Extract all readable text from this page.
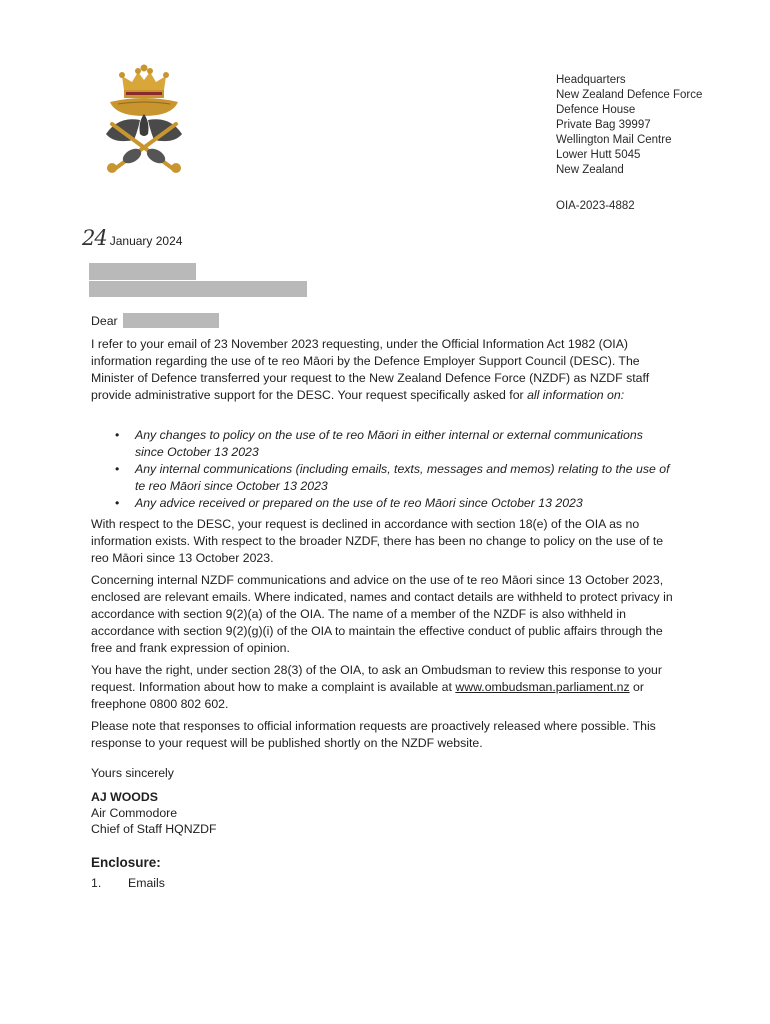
Headquarters
New Zealand Defence Force
Defence House
Private Bag 39997
Wellington Mail Centre
Lower Hutt 5045
New Zealand
OIA-2023-4882
24 January 2024
Dear

I refer to your email of 23 November 2023 requesting, under the Official Information Act 1982 (OIA) information regarding the use of te reo Māori by the Defence Employer Support Council (DESC). The Minister of Defence transferred your request to the New Zealand Defence Force (NZDF) as NZDF staff provide administrative support for the DESC. Your request specifically asked for all information on:

• Any changes to policy on the use of te reo Māori in either internal or external communications since October 13 2023
• Any internal communications (including emails, texts, messages and memos) relating to the use of te reo Māori since October 13 2023
• Any advice received or prepared on the use of te reo Māori since October 13 2023

With respect to the DESC, your request is declined in accordance with section 18(e) of the OIA as no information exists. With respect to the broader NZDF, there has been no change to policy on the use of te reo Māori since 13 October 2023.

Concerning internal NZDF communications and advice on the use of te reo Māori since 13 October 2023, enclosed are relevant emails. Where indicated, names and contact details are withheld to protect privacy in accordance with section 9(2)(a) of the OIA. The name of a member of the NZDF is also withheld in accordance with section 9(2)(g)(i) of the OIA to maintain the effective conduct of public affairs through the free and frank expression of opinion.

You have the right, under section 28(3) of the OIA, to ask an Ombudsman to review this response to your request. Information about how to make a complaint is available at www.ombudsman.parliament.nz or freephone 0800 802 602.

Please note that responses to official information requests are proactively released where possible. This response to your request will be published shortly on the NZDF website.

Yours sincerely
AJ WOODS
Air Commodore
Chief of Staff HQNZDF
Enclosure:
1.	Emails
